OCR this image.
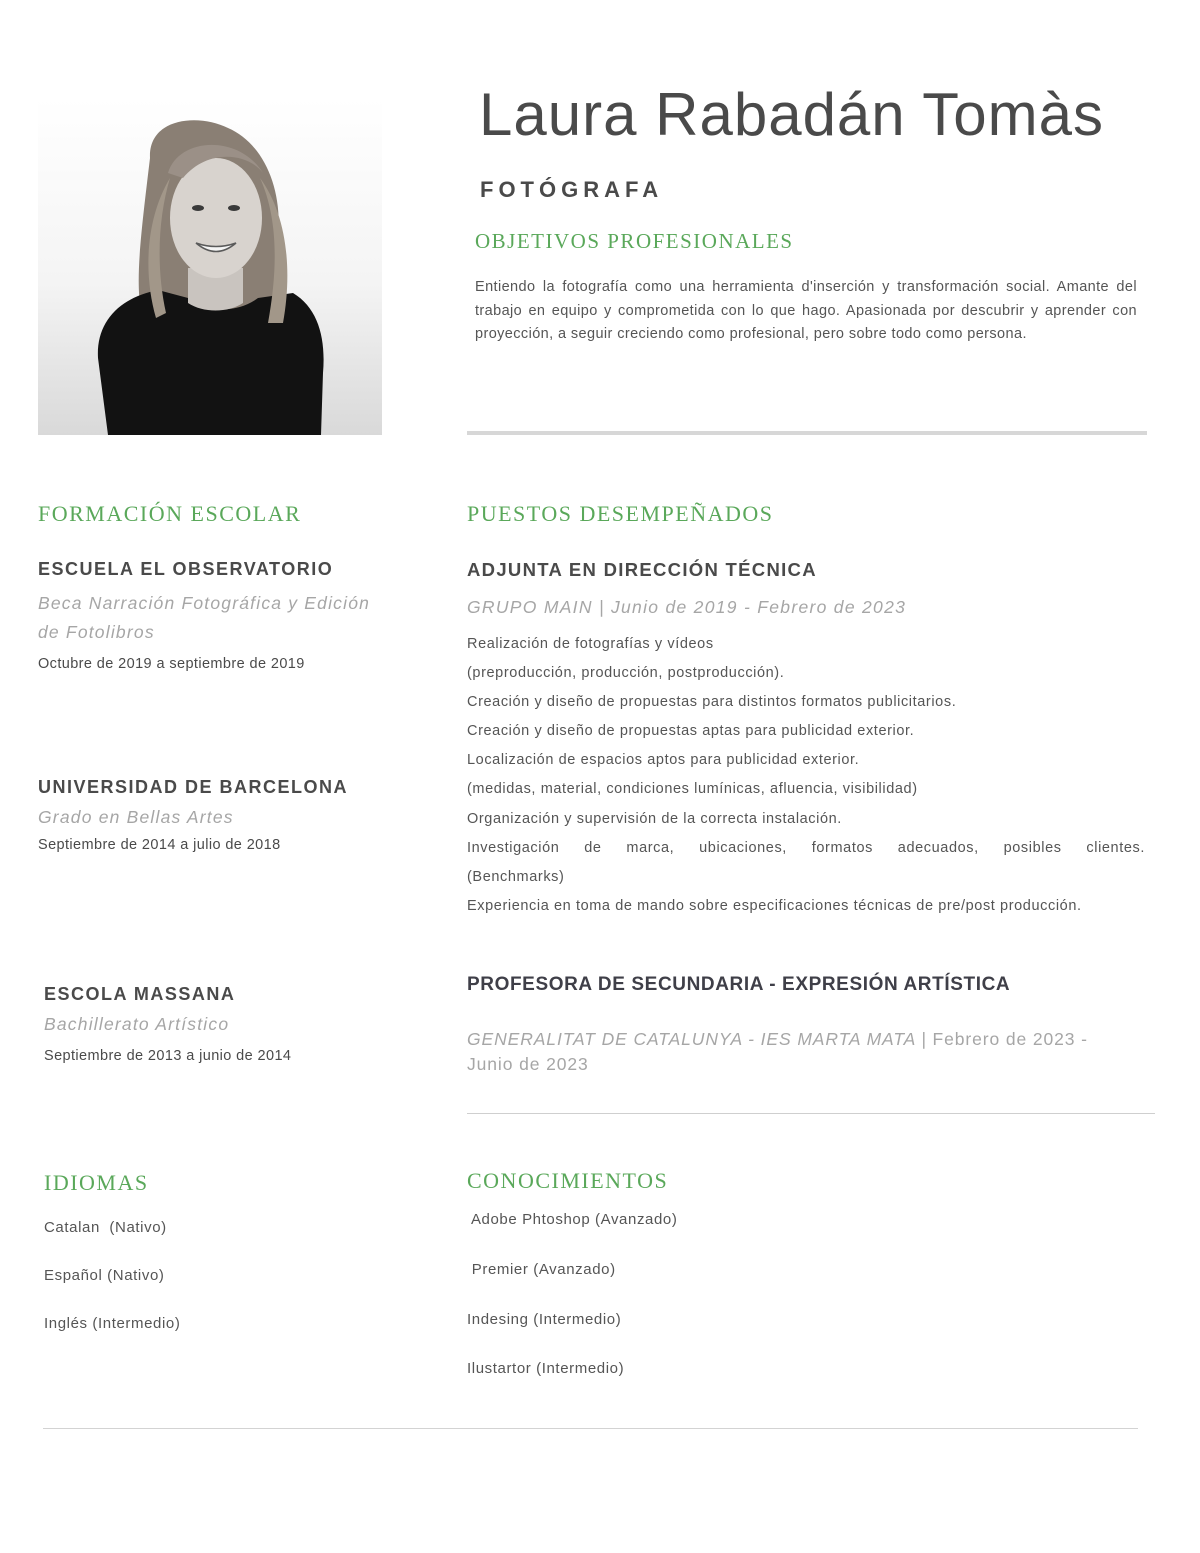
Laura Rabadán Tomàs
FOTÓGRAFA
OBJETIVOS PROFESIONALES
Entiendo la fotografía como una herramienta d'inserción y transformación social. Amante del trabajo en equipo y comprometida con lo que hago. Apasionada por descubrir y aprender con proyección, a seguir creciendo como profesional, pero sobre todo como persona.
FORMACIÓN ESCOLAR
ESCUELA EL OBSERVATORIO
Beca Narración Fotográfica y Edición de Fotolibros
Octubre de 2019 a septiembre de 2019
UNIVERSIDAD DE BARCELONA
Grado en Bellas Artes
Septiembre de 2014 a julio de 2018
ESCOLA MASSANA
Bachillerato Artístico
Septiembre de 2013 a junio de 2014
PUESTOS DESEMPEÑADOS
ADJUNTA EN DIRECCIÓN TÉCNICA
GRUPO MAIN | Junio de 2019 - Febrero de 2023
Realización de fotografías y vídeos
(preproducción, producción, postproducción).
Creación y diseño de propuestas para distintos formatos publicitarios.
Creación y diseño de propuestas aptas para publicidad exterior.
Localización de espacios aptos para publicidad exterior.
(medidas, material, condiciones lumínicas, afluencia, visibilidad)
Organización y supervisión de la correcta instalación.
Investigación de marca, ubicaciones, formatos adecuados, posibles clientes.
(Benchmarks)
Experiencia en toma de mando sobre especificaciones técnicas de pre/post producción.
PROFESORA DE SECUNDARIA - EXPRESIÓN ARTÍSTICA
GENERALITAT DE CATALUNYA - IES MARTA MATA | Febrero de 2023 - Junio de 2023
IDIOMAS
Catalan  (Nativo)
Español (Nativo)
Inglés (Intermedio)
CONOCIMIENTOS
Adobe Phtoshop (Avanzado)
Premier (Avanzado)
Indesing (Intermedio)
Ilustartor (Intermedio)
